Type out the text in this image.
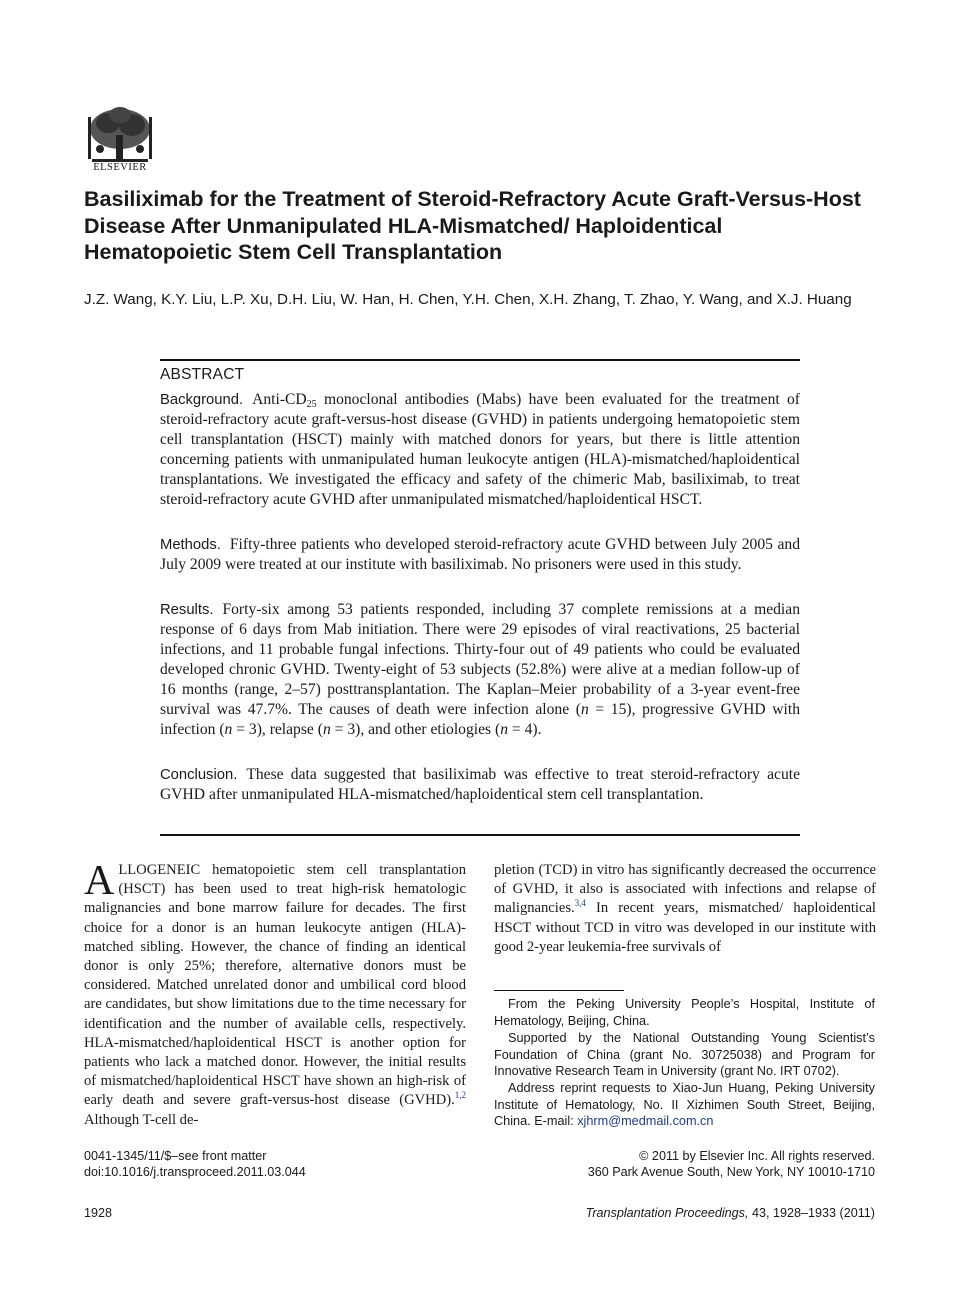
ELSEVIER
Basiliximab for the Treatment of Steroid-Refractory Acute Graft-Versus-Host Disease After Unmanipulated HLA-Mismatched/ Haploidentical Hematopoietic Stem Cell Transplantation
J.Z. Wang, K.Y. Liu, L.P. Xu, D.H. Liu, W. Han, H. Chen, Y.H. Chen, X.H. Zhang, T. Zhao, Y. Wang, and X.J. Huang
ABSTRACT
Background. Anti-$CD_{25}$ monoclonal antibodies (Mabs) have been evaluated for the treatment of steroid-refractory acute graft-versus-host disease (GVHD) in patients undergoing hematopoietic stem cell transplantation (HSCT) mainly with matched donors for years, but there is little attention concerning patients with unmanipulated human leukocyte antigen (HLA)-mismatched/haploidentical transplantations. We investigated the efficacy and safety of the chimeric Mab, basiliximab, to treat steroid-refractory acute GVHD after unmanipulated mismatched/haploidentical HSCT.
Methods. Fifty-three patients who developed steroid-refractory acute GVHD between July 2005 and July 2009 were treated at our institute with basiliximab. No prisoners were used in this study.
Results. Forty-six among 53 patients responded, including 37 complete remissions at a median response of 6 days from Mab initiation. There were 29 episodes of viral reactivations, 25 bacterial infections, and 11 probable fungal infections. Thirty-four out of 49 patients who could be evaluated developed chronic GVHD. Twenty-eight of 53 subjects (52.8%) were alive at a median follow-up of 16 months (range, 2–57) posttransplantation. The Kaplan–Meier probability of a 3-year event-free survival was 47.7%. The causes of death were infection alone (n = 15), progressive GVHD with infection (n = 3), relapse (n = 3), and other etiologies (n = 4).
Conclusion. These data suggested that basiliximab was effective to treat steroid-refractory acute GVHD after unmanipulated HLA-mismatched/haploidentical stem cell transplantation.
ALLOGENEIC hematopoietic stem cell transplantation (HSCT) has been used to treat high-risk hematologic malignancies and bone marrow failure for decades. The first choice for a donor is an human leukocyte antigen (HLA)-matched sibling. However, the chance of finding an identical donor is only 25%; therefore, alternative donors must be considered. Matched unrelated donor and umbilical cord blood are candidates, but show limitations due to the time necessary for identification and the number of available cells, respectively. HLA-mismatched/haploidentical HSCT is another option for patients who lack a matched donor. However, the initial results of mismatched/haploidentical HSCT have shown an high-risk of early death and severe graft-versus-host disease (GVHD).$^{1,2}$ Although T-cell de-
pletion (TCD) in vitro has significantly decreased the occurrence of GVHD, it also is associated with infections and relapse of malignancies.$^{3,4}$ In recent years, mismatched/ haploidentical HSCT without TCD in vitro was developed in our institute with good 2-year leukemia-free survivals of
From the Peking University People’s Hospital, Institute of Hematology, Beijing, China.
Supported by the National Outstanding Young Scientist’s Foundation of China (grant No. 30725038) and Program for Innovative Research Team in University (grant No. IRT 0702).
Address reprint requests to Xiao-Jun Huang, Peking University Institute of Hematology, No. II Xizhimen South Street, Beijing, China. E-mail: xjhrm@medmail.com.cn
0041-1345/11/$–see front matter
doi:10.1016/j.transproceed.2011.03.044
© 2011 by Elsevier Inc. All rights reserved.
360 Park Avenue South, New York, NY 10010-1710
1928	Transplantation Proceedings, 43, 1928–1933 (2011)
